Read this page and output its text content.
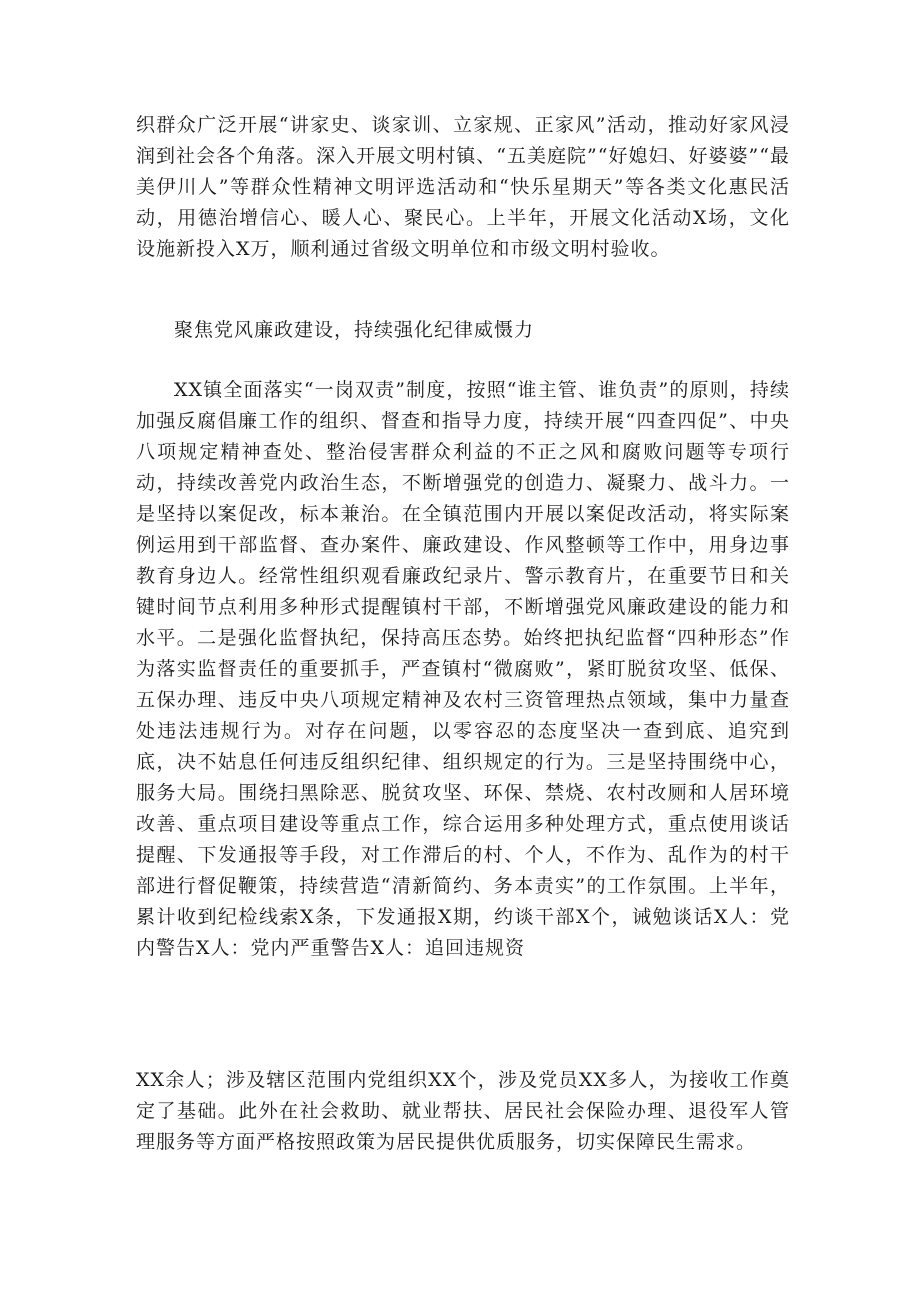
织群众广泛开展“讲家史、谈家训、立家规、正家风”活动，推动好家风浸润到社会各个角落。深入开展文明村镇、“五美庭院”“好媳妇、好婆婆”“最美伊川人”等群众性精神文明评选活动和“快乐星期天”等各类文化惠民活动，用德治增信心、暖人心、聚民心。上半年，开展文化活动X场，文化设施新投入X万，顺利通过省级文明单位和市级文明村验收。

聚焦党风廉政建设，持续强化纪律威慑力

XX镇全面落实“一岗双责”制度，按照“谁主管、谁负责”的原则，持续加强反腐倡廉工作的组织、督查和指导力度，持续开展“四查四促”、中央八项规定精神查处、整治侵害群众利益的不正之风和腐败问题等专项行动，持续改善党内政治生态，不断增强党的创造力、凝聚力、战斗力。一是坚持以案促改，标本兼治。在全镇范围内开展以案促改活动，将实际案例运用到干部监督、查办案件、廉政建设、作风整顿等工作中，用身边事教育身边人。经常性组织观看廉政纪录片、警示教育片，在重要节日和关键时间节点利用多种形式提醒镇村干部，不断增强党风廉政建设的能力和水平。二是强化监督执纪，保持高压态势。始终把执纪监督“四种形态”作为落实监督责任的重要抓手，严查镇村“微腐败”，紧盯脱贫攻坚、低保、五保办理、违反中央八项规定精神及农村三资管理热点领域，集中力量查处违法违规行为。对存在问题，以零容忍的态度坚决一查到底、追究到底，决不姑息任何违反组织纪律、组织规定的行为。三是坚持围绕中心，服务大局。围绕扫黑除恶、脱贫攻坚、环保、禁烧、农村改厕和人居环境改善、重点项目建设等重点工作，综合运用多种处理方式，重点使用谈话提醒、下发通报等手段，对工作滞后的村、个人，不作为、乱作为的村干部进行督促鞭策，持续营造“清新简约、务本责实”的工作氛围。上半年，累计收到纪检线索X条，下发通报X期，约谈干部X个，诫勉谈话X人：党内警告X人：党内严重警告X人：追回违规资

XX余人；涉及辖区范围内党组织XX个，涉及党员XX多人，为接收工作奠定了基础。此外在社会救助、就业帮扶、居民社会保险办理、退役军人管理服务等方面严格按照政策为居民提供优质服务，切实保障民生需求。
